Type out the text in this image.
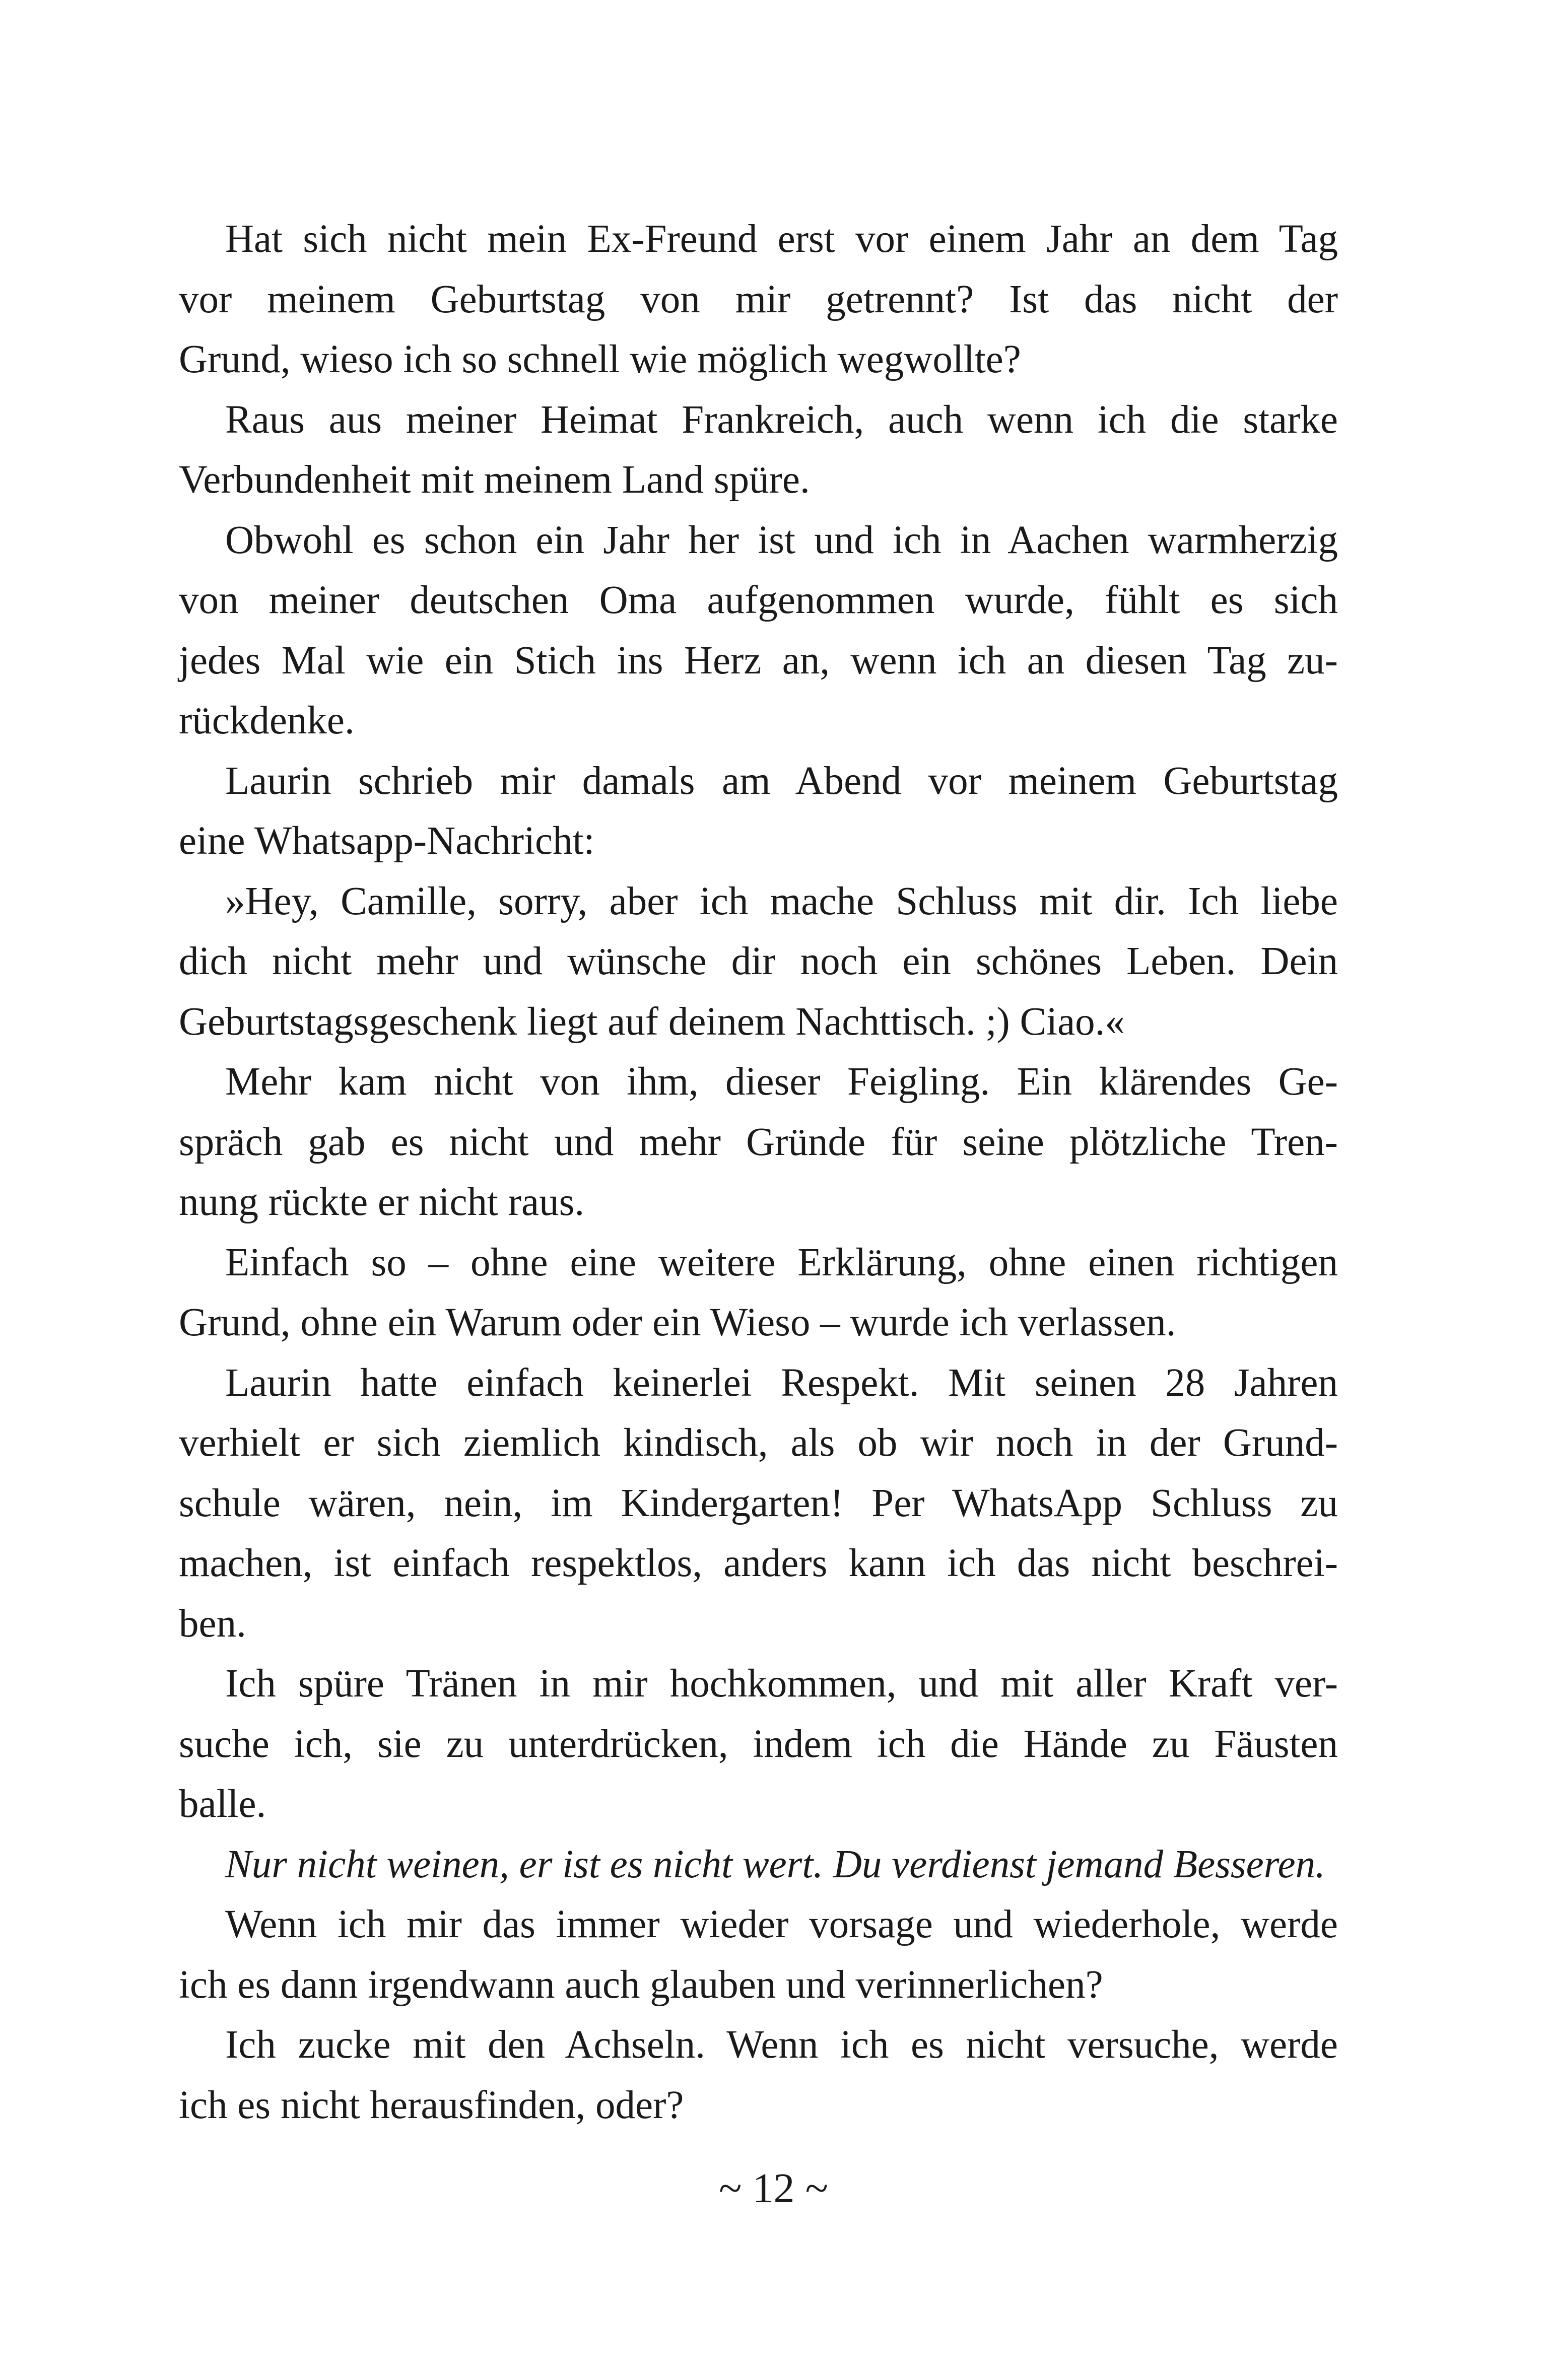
Hat sich nicht mein Ex-Freund erst vor einem Jahr an dem Tag
vor meinem Geburtstag von mir getrennt? Ist das nicht der
Grund, wieso ich so schnell wie möglich wegwollte?

Raus aus meiner Heimat Frankreich, auch wenn ich die starke
Verbundenheit mit meinem Land spüre.

Obwohl es schon ein Jahr her ist und ich in Aachen warmherzig
von meiner deutschen Oma aufgenommen wurde, fühlt es sich
jedes Mal wie ein Stich ins Herz an, wenn ich an diesen Tag zu-
rückdenke.

Laurin schrieb mir damals am Abend vor meinem Geburtstag
eine Whatsapp-Nachricht:

»Hey, Camille, sorry, aber ich mache Schluss mit dir. Ich liebe
dich nicht mehr und wünsche dir noch ein schönes Leben. Dein
Geburtstagsgeschenk liegt auf deinem Nachttisch. ;) Ciao.«

Mehr kam nicht von ihm, dieser Feigling. Ein klärendes Ge-
spräch gab es nicht und mehr Gründe für seine plötzliche Tren-
nung rückte er nicht raus.

Einfach so – ohne eine weitere Erklärung, ohne einen richtigen
Grund, ohne ein Warum oder ein Wieso – wurde ich verlassen.

Laurin hatte einfach keinerlei Respekt. Mit seinen 28 Jahren
verhielt er sich ziemlich kindisch, als ob wir noch in der Grund-
schule wären, nein, im Kindergarten! Per WhatsApp Schluss zu
machen, ist einfach respektlos, anders kann ich das nicht beschrei-
ben.

Ich spüre Tränen in mir hochkommen, und mit aller Kraft ver-
suche ich, sie zu unterdrücken, indem ich die Hände zu Fäusten
balle.

Nur nicht weinen, er ist es nicht wert. Du verdienst jemand Besseren.

Wenn ich mir das immer wieder vorsage und wiederhole, werde
ich es dann irgendwann auch glauben und verinnerlichen?

Ich zucke mit den Achseln. Wenn ich es nicht versuche, werde
ich es nicht herausfinden, oder?

~ 12 ~
